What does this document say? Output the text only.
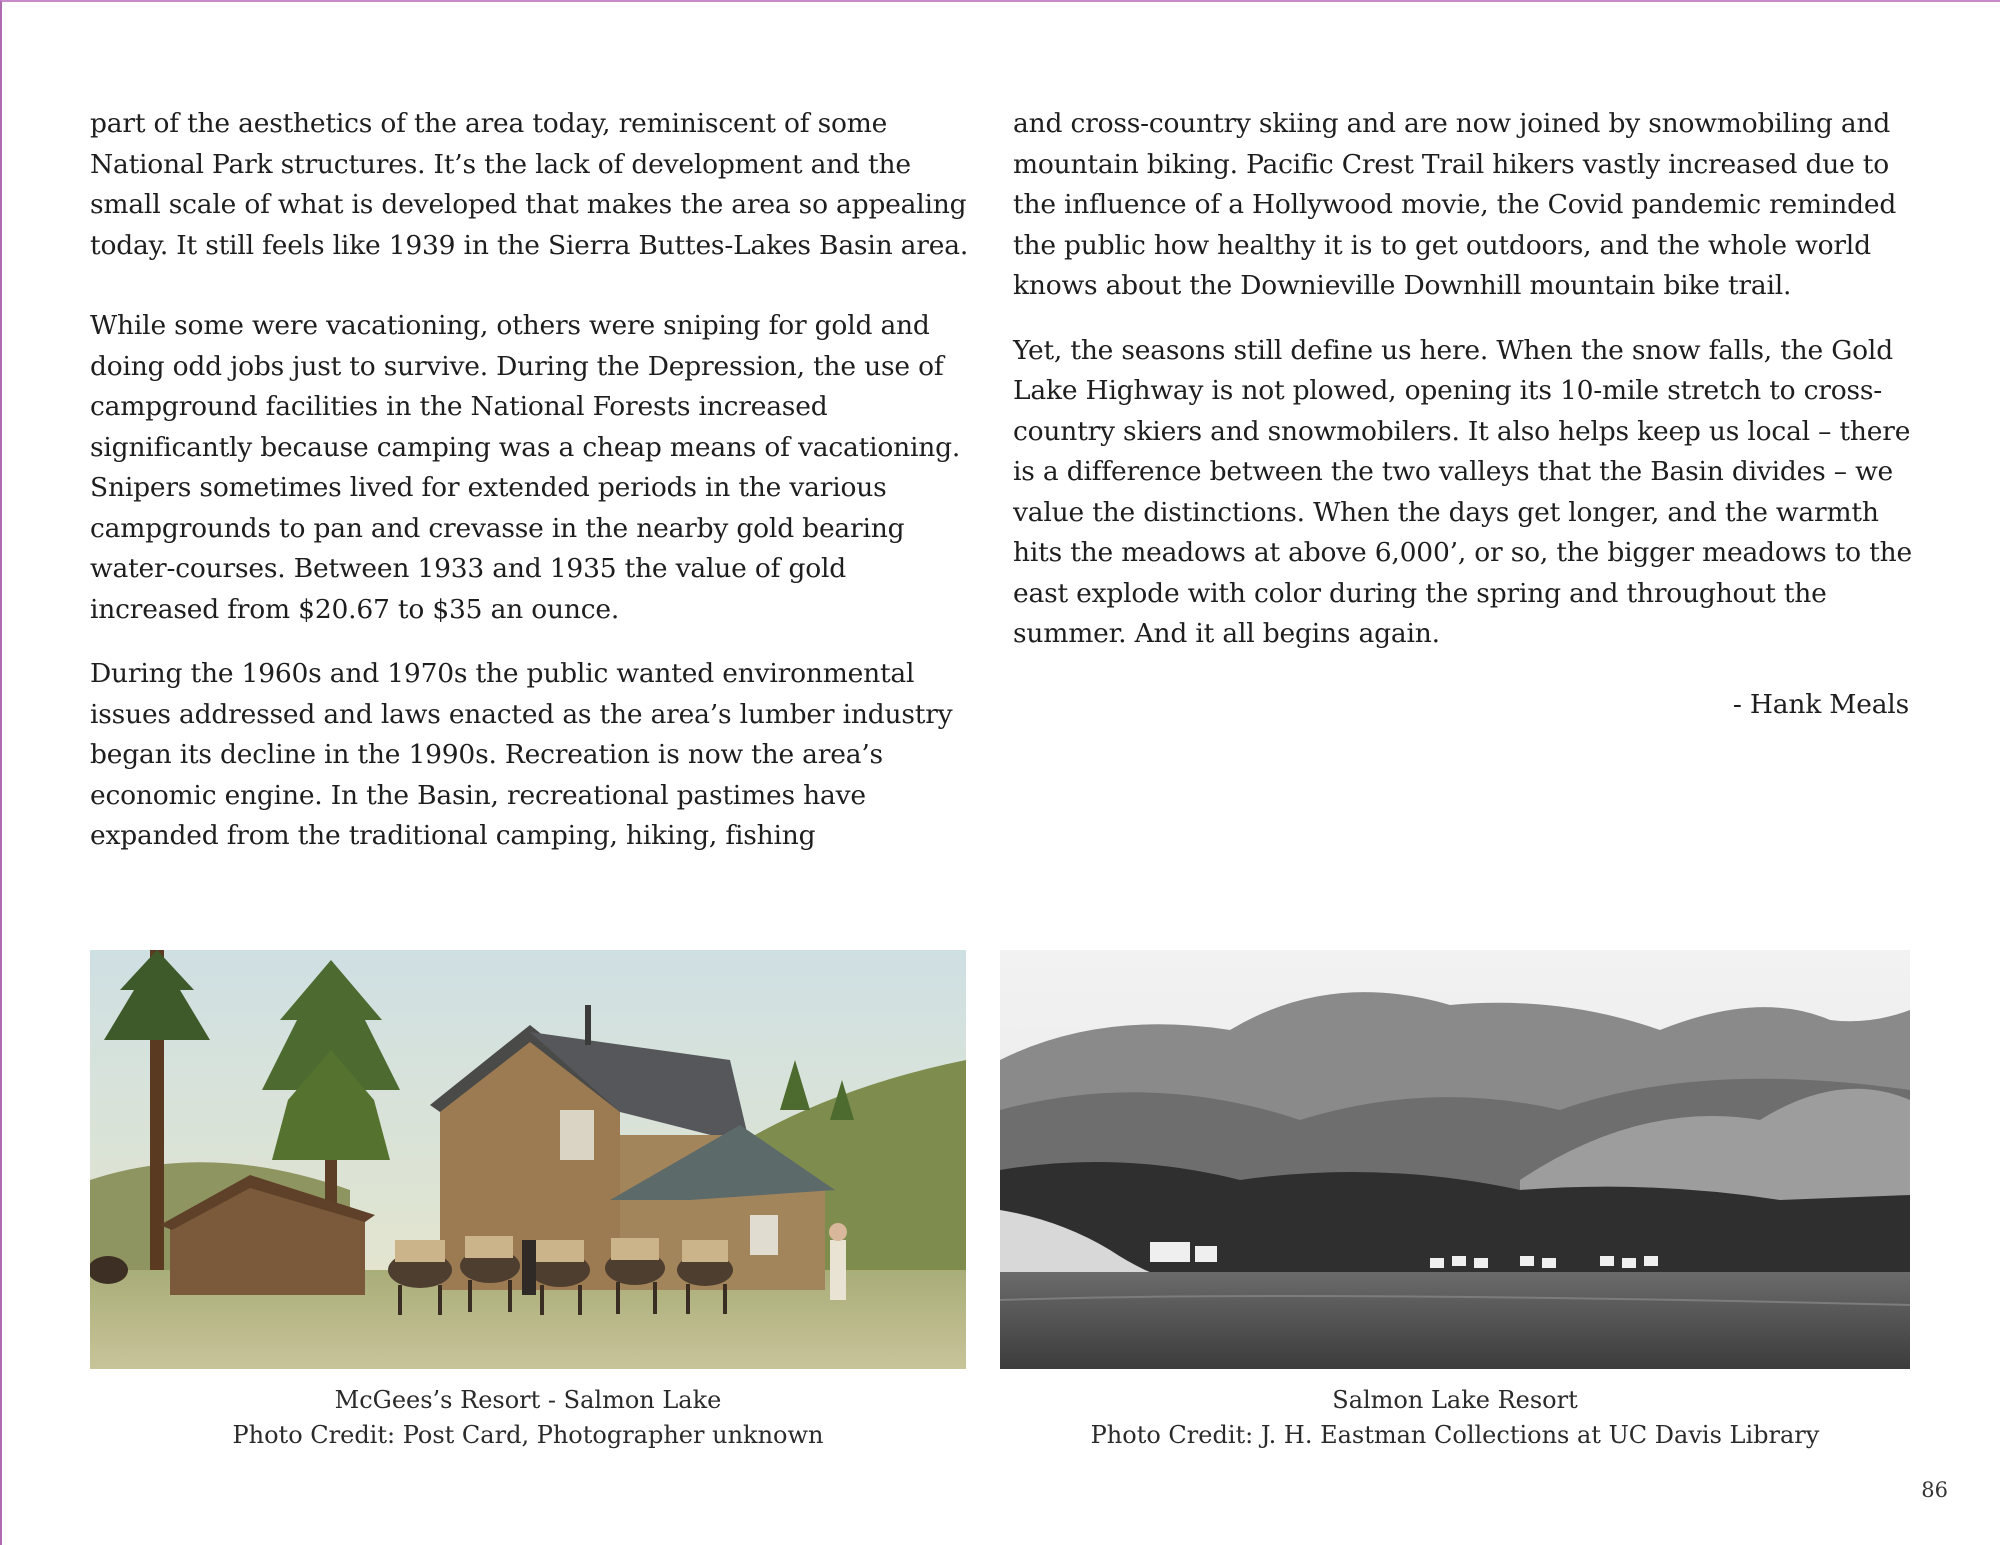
part of the aesthetics of the area today, reminiscent of some National Park structures. It’s the lack of development and the small scale of what is developed that makes the area so appealing today. It still feels like 1939 in the Sierra Buttes-Lakes Basin area.

While some were vacationing, others were sniping for gold and doing odd jobs just to survive. During the Depression, the use of campground facilities in the National Forests increased significantly because camping was a cheap means of vacationing. Snipers sometimes lived for extended periods in the various campgrounds to pan and crevasse in the nearby gold bearing water-courses. Between 1933 and 1935 the value of gold increased from $20.67 to $35 an ounce.

During the 1960s and 1970s the public wanted environmental issues addressed and laws enacted as the area’s lumber industry began its decline in the 1990s. Recreation is now the area’s economic engine. In the Basin, recreational pastimes have expanded from the traditional camping, hiking, fishing

and cross-country skiing and are now joined by snowmobiling and mountain biking. Pacific Crest Trail hikers vastly increased due to the influence of a Hollywood movie, the Covid pandemic reminded the public how healthy it is to get outdoors, and the whole world knows about the Downieville Downhill mountain bike trail.

Yet, the seasons still define us here. When the snow falls, the Gold Lake Highway is not plowed, opening its 10-mile stretch to cross-country skiers and snowmobilers. It also helps keep us local – there is a difference between the two valleys that the Basin divides – we value the distinctions. When the days get longer, and the warmth hits the meadows at above 6,000’, or so, the bigger meadows to the east explode with color during the spring and throughout the summer. And it all begins again.

- Hank Meals

McGees’s Resort - Salmon Lake
Photo Credit: Post Card, Photographer unknown
Salmon Lake Resort
Photo Credit: J. H. Eastman Collections at UC Davis Library
86
